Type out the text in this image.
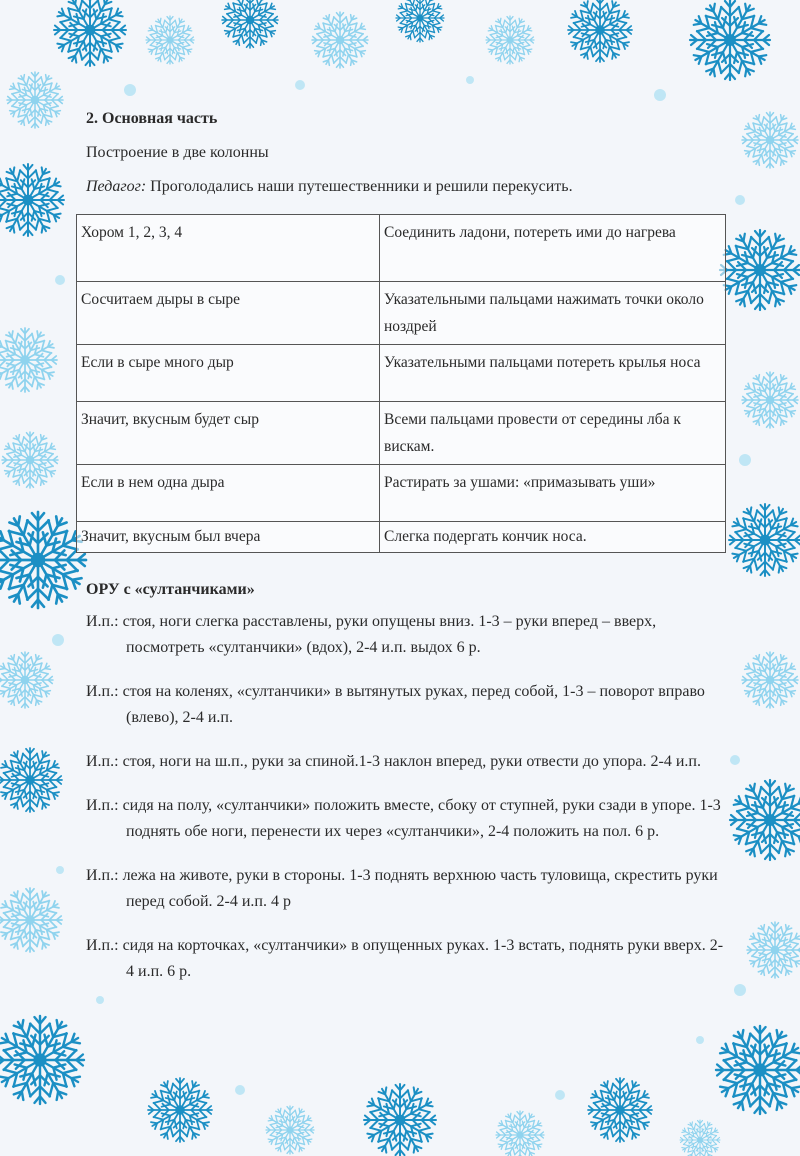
2. Основная часть
Построение в две колонны
Педагог: Проголодались наши путешественники и решили перекусить.
Хором 1, 2, 3, 4	Соединить ладони, потереть ими до нагрева
Сосчитаем дыры в сыре	Указательными пальцами нажимать точки около ноздрей
Если в сыре много дыр	Указательными пальцами потереть крылья носа
Значит, вкусным будет сыр	Всеми пальцами провести от середины лба к вискам.
Если в нем одна дыра	Растирать за ушами: «примазывать уши»
Значит, вкусным был вчера	Слегка подергать кончик носа.
ОРУ с «султанчиками»
И.п.: стоя, ноги слегка расставлены, руки опущены вниз. 1-3 – руки вперед – вверх, посмотреть «султанчики» (вдох), 2-4 и.п. выдох 6 р.
И.п.: стоя на коленях, «султанчики» в вытянутых руках, перед собой, 1-3 – поворот вправо (влево), 2-4 и.п.
И.п.: стоя, ноги на ш.п., руки за спиной.1-3 наклон вперед, руки отвести до упора. 2-4 и.п.
И.п.: сидя на полу, «султанчики» положить вместе, сбоку от ступней, руки сзади в упоре. 1-3 поднять обе ноги, перенести их через «султанчики», 2-4 положить на пол. 6 р.
И.п.: лежа на животе, руки в стороны. 1-3 поднять верхнюю часть туловища, скрестить руки перед собой. 2-4 и.п. 4 р
И.п.: сидя на корточках, «султанчики» в опущенных руках. 1-3 встать, поднять руки вверх. 2- 4 и.п. 6 р.
